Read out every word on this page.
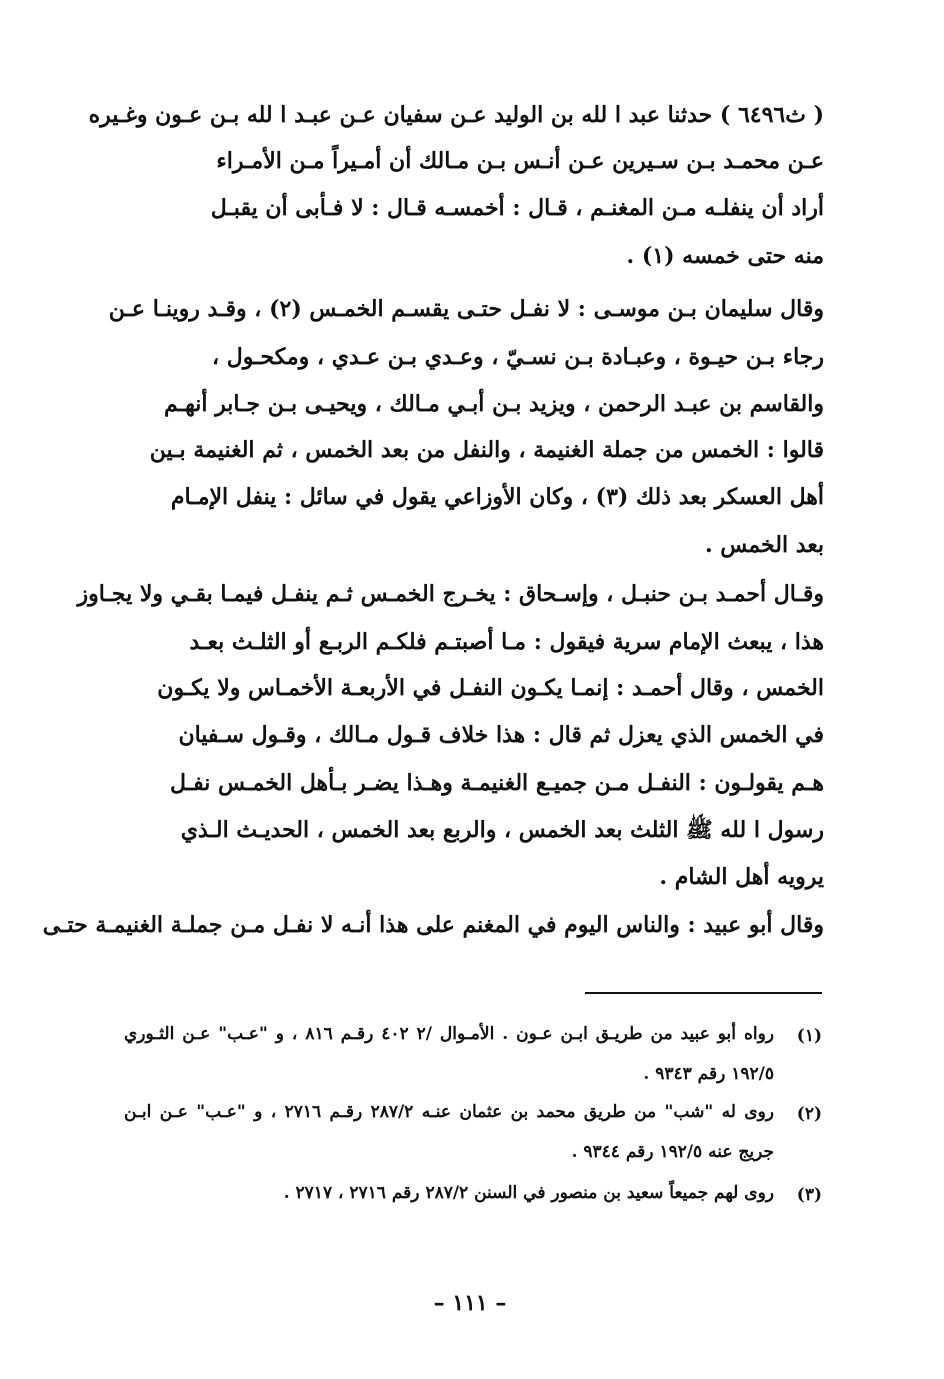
( ث٦٤٩٦ ) حدثنا عبد ا لله بن الوليد عـن سفيان عـن عبـد ا لله بـن عـون وغـيره
عـن محمـد بـن سـيرين عـن أنـس بـن مـالك أن أمـيراً مـن الأمـراء
أراد أن ينفلـه مـن المغنـم ، قـال : أخمسـه قـال : لا فـأبى أن يقبـل
منه حتى خمسه (١) .
وقال سليمان بـن موسـى : لا نفـل حتـى يقسـم الخمـس (٢) ، وقـد روينـا عـن
رجاء بـن حيـوة ، وعبـادة بـن نسـيّ ، وعـدي بـن عـدي ، ومكحـول ،
والقاسم بن عبـد الرحمن ، ويزيد بـن أبـي مـالك ، ويحيـى بـن جـابر أنهـم
قالوا : الخمس من جملة الغنيمة ، والنفل من بعد الخمس ، ثم الغنيمة بـين
أهل العسكر بعد ذلك (٣) ، وكان الأوزاعي يقول في سائل : ينفل الإمـام
بعد الخمس .
وقـال أحمـد بـن حنبـل ، وإسـحاق : يخـرج الخمـس ثـم ينفـل فيمـا بقـي ولا يجـاوز
هذا ، يبعث الإمام سرية فيقول : مـا أصبتـم فلكـم الربـع أو الثلـث بعـد
الخمس ، وقال أحمـد : إنمـا يكـون النفـل في الأربعـة الأخمـاس ولا يكـون
في الخمس الذي يعزل ثم قال : هذا خلاف قـول مـالك ، وقـول سـفيان
هـم يقولـون : النفـل مـن جميـع الغنيمـة وهـذا يضـر بـأهل الخمـس نفـل
رسول ا لله ﷺ الثلث بعد الخمس ، والربع بعد الخمس ، الحديـث الـذي
يرويه أهل الشام .
وقال أبو عبيد : والناس اليوم في المغنم على هذا أنـه لا نفـل مـن جملـة الغنيمـة حتـى
(١)
رواه أبو عبيد من طريـق ابـن عـون . الأمـوال /٢ ٤٠٢ رقـم ٨١٦ ، و "عـب" عـن الثـوري
١٩٢/٥ رقم ٩٣٤٣ .
(٢)
روى له "شب" من طريق محمد بن عثمان عنـه ٢٨٧/٢ رقـم ٢٧١٦ ، و "عـب" عـن ابـن
جريج عنه ١٩٢/٥ رقم ٩٣٤٤ .
(٣)
روى لهم جميعاً سعيد بن منصور في السنن ٢٨٧/٢ رقم ٢٧١٦ ، ٢٧١٧ .
– ١١١ –
